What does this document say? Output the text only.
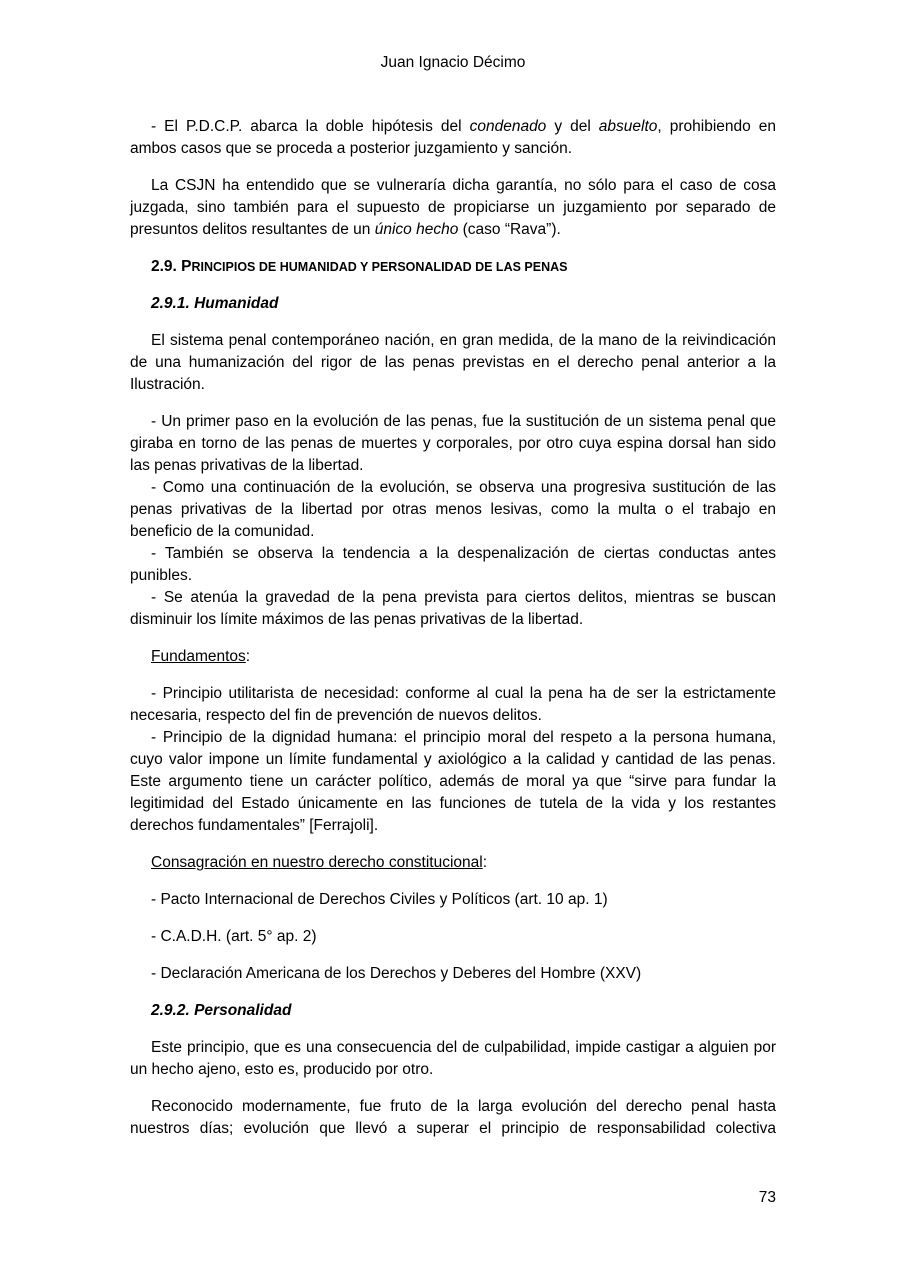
Juan Ignacio Décimo

- El P.D.C.P. abarca la doble hipótesis del condenado y del absuelto, prohibiendo en ambos casos que se proceda a posterior juzgamiento y sanción.

La CSJN ha entendido que se vulneraría dicha garantía, no sólo para el caso de cosa juzgada, sino también para el supuesto de propiciarse un juzgamiento por separado de presuntos delitos resultantes de un único hecho (caso “Rava”).

2.9. PRINCIPIOS DE HUMANIDAD Y PERSONALIDAD DE LAS PENAS

2.9.1. Humanidad

El sistema penal contemporáneo nación, en gran medida, de la mano de la reivindicación de una humanización del rigor de las penas previstas en el derecho penal anterior a la Ilustración.

- Un primer paso en la evolución de las penas, fue la sustitución de un sistema penal que giraba en torno de las penas de muertes y corporales, por otro cuya espina dorsal han sido las penas privativas de la libertad.

- Como una continuación de la evolución, se observa una progresiva sustitución de las penas privativas de la libertad por otras menos lesivas, como la multa o el trabajo en beneficio de la comunidad.

- También se observa la tendencia a la despenalización de ciertas conductas antes punibles.

- Se atenúa la gravedad de la pena prevista para ciertos delitos, mientras se buscan disminuir los límite máximos de las penas privativas de la libertad.

Fundamentos:

- Principio utilitarista de necesidad: conforme al cual la pena ha de ser la estrictamente necesaria, respecto del fin de prevención de nuevos delitos.

- Principio de la dignidad humana: el principio moral del respeto a la persona humana, cuyo valor impone un límite fundamental y axiológico a la calidad y cantidad de las penas. Este argumento tiene un carácter político, además de moral ya que “sirve para fundar la legitimidad del Estado únicamente en las funciones de tutela de la vida y los restantes derechos fundamentales” [Ferrajoli].

Consagración en nuestro derecho constitucional:

- Pacto Internacional de Derechos Civiles y Políticos (art. 10 ap. 1)

- C.A.D.H. (art. 5° ap. 2)

- Declaración Americana de los Derechos y Deberes del Hombre (XXV)

2.9.2. Personalidad

Este principio, que es una consecuencia del de culpabilidad, impide castigar a alguien por un hecho ajeno, esto es, producido por otro.

Reconocido modernamente, fue fruto de la larga evolución del derecho penal hasta nuestros días; evolución que llevó a superar el principio de responsabilidad colectiva

73
